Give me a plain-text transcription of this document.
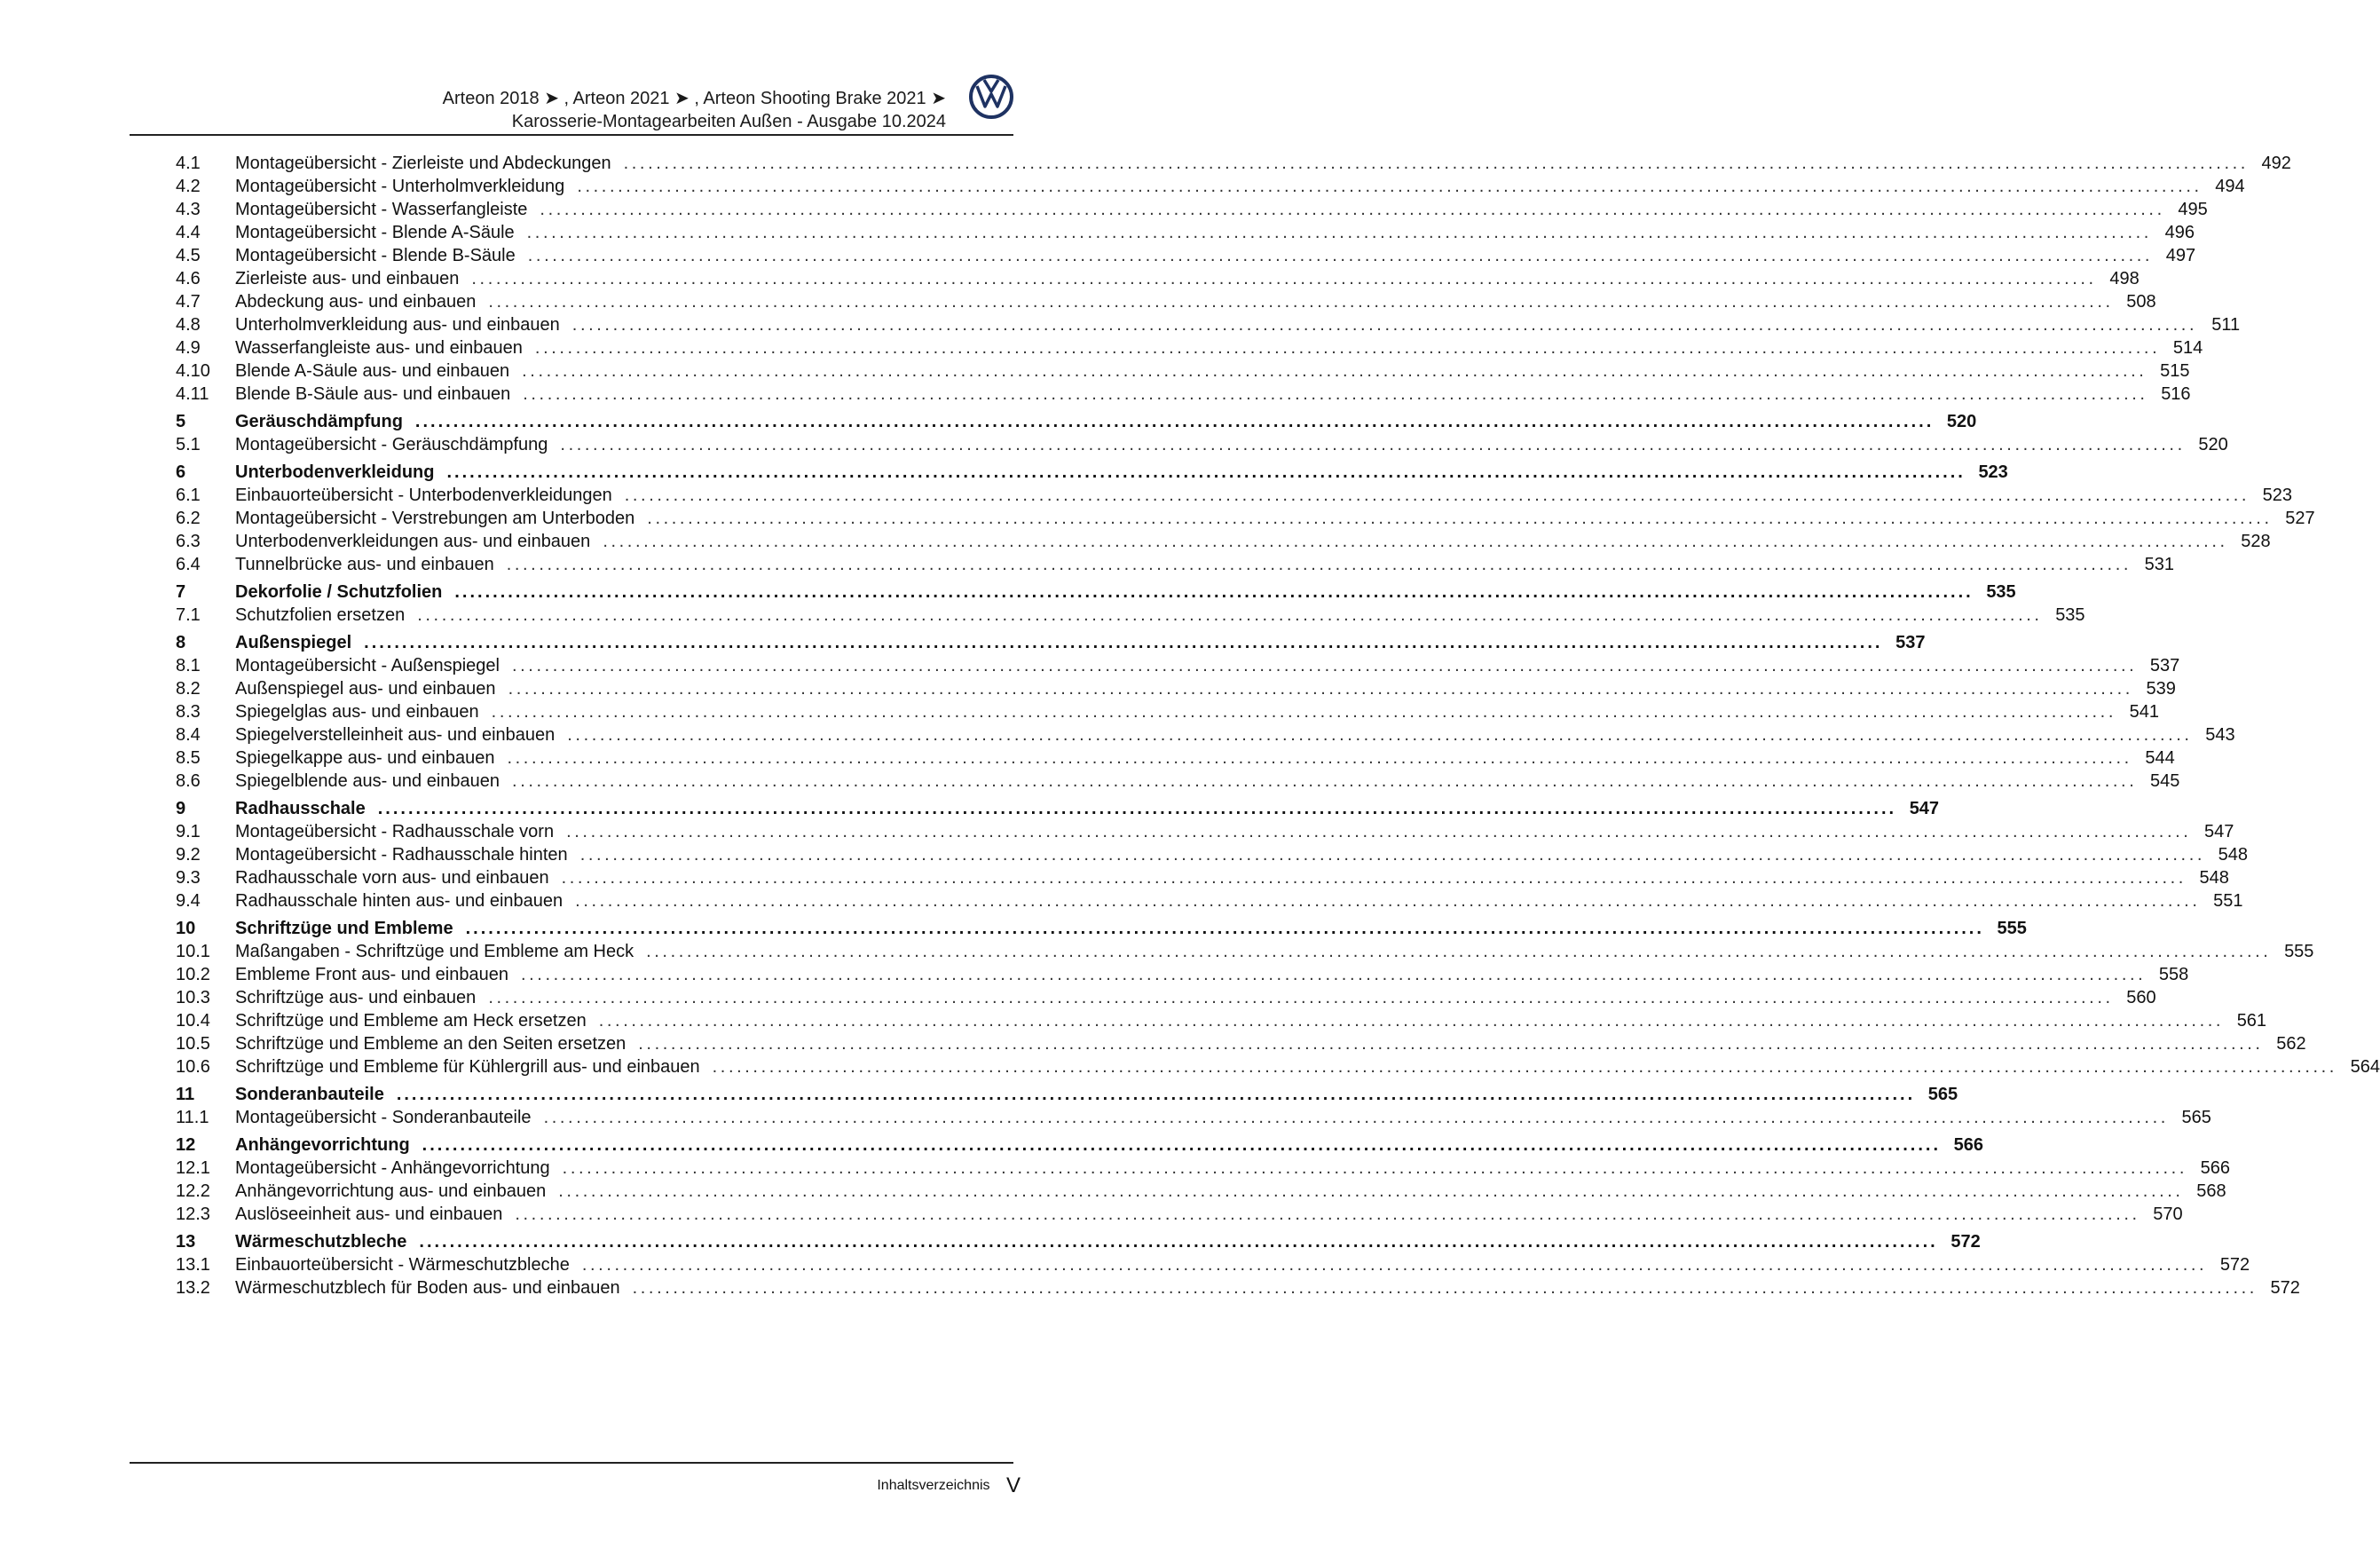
Arteon 2018 ➤ , Arteon 2021 ➤ , Arteon Shooting Brake 2021 ➤
Karosserie-Montagearbeiten Außen - Ausgabe 10.2024
4.1	Montageübersicht - Zierleiste und Abdeckungen ........................................................................................................................................................................................................ 492
4.2	Montageübersicht - Unterholmverkleidung ........................................................................................................................................................................................................ 494
4.3	Montageübersicht - Wasserfangleiste ........................................................................................................................................................................................................ 495
4.4	Montageübersicht - Blende A-Säule ........................................................................................................................................................................................................ 496
4.5	Montageübersicht - Blende B-Säule ........................................................................................................................................................................................................ 497
4.6	Zierleiste aus- und einbauen ........................................................................................................................................................................................................ 498
4.7	Abdeckung aus- und einbauen ........................................................................................................................................................................................................ 508
4.8	Unterholmverkleidung aus- und einbauen ........................................................................................................................................................................................................ 511
4.9	Wasserfangleiste aus- und einbauen ........................................................................................................................................................................................................ 514
4.10	Blende A-Säule aus- und einbauen ........................................................................................................................................................................................................ 515
4.11	Blende B-Säule aus- und einbauen ........................................................................................................................................................................................................ 516
5	Geräuschdämpfung ........................................................................................................................................................................................................ 520
5.1	Montageübersicht - Geräuschdämpfung ........................................................................................................................................................................................................ 520
6	Unterbodenverkleidung ........................................................................................................................................................................................................ 523
6.1	Einbauorteübersicht - Unterbodenverkleidungen ........................................................................................................................................................................................................ 523
6.2	Montageübersicht - Verstrebungen am Unterboden ........................................................................................................................................................................................................ 527
6.3	Unterbodenverkleidungen aus- und einbauen ........................................................................................................................................................................................................ 528
6.4	Tunnelbrücke aus- und einbauen ........................................................................................................................................................................................................ 531
7	Dekorfolie / Schutzfolien ........................................................................................................................................................................................................ 535
7.1	Schutzfolien ersetzen ........................................................................................................................................................................................................ 535
8	Außenspiegel ........................................................................................................................................................................................................ 537
8.1	Montageübersicht - Außenspiegel ........................................................................................................................................................................................................ 537
8.2	Außenspiegel aus- und einbauen ........................................................................................................................................................................................................ 539
8.3	Spiegelglas aus- und einbauen ........................................................................................................................................................................................................ 541
8.4	Spiegelverstelleinheit aus- und einbauen ........................................................................................................................................................................................................ 543
8.5	Spiegelkappe aus- und einbauen ........................................................................................................................................................................................................ 544
8.6	Spiegelblende aus- und einbauen ........................................................................................................................................................................................................ 545
9	Radhausschale ........................................................................................................................................................................................................ 547
9.1	Montageübersicht - Radhausschale vorn ........................................................................................................................................................................................................ 547
9.2	Montageübersicht - Radhausschale hinten ........................................................................................................................................................................................................ 548
9.3	Radhausschale vorn aus- und einbauen ........................................................................................................................................................................................................ 548
9.4	Radhausschale hinten aus- und einbauen ........................................................................................................................................................................................................ 551
10	Schriftzüge und Embleme ........................................................................................................................................................................................................ 555
10.1	Maßangaben - Schriftzüge und Embleme am Heck ........................................................................................................................................................................................................ 555
10.2	Embleme Front aus- und einbauen ........................................................................................................................................................................................................ 558
10.3	Schriftzüge aus- und einbauen ........................................................................................................................................................................................................ 560
10.4	Schriftzüge und Embleme am Heck ersetzen ........................................................................................................................................................................................................ 561
10.5	Schriftzüge und Embleme an den Seiten ersetzen ........................................................................................................................................................................................................ 562
10.6	Schriftzüge und Embleme für Kühlergrill aus- und einbauen ........................................................................................................................................................................................................ 564
11	Sonderanbauteile ........................................................................................................................................................................................................ 565
11.1	Montageübersicht - Sonderanbauteile ........................................................................................................................................................................................................ 565
12	Anhängevorrichtung ........................................................................................................................................................................................................ 566
12.1	Montageübersicht - Anhängevorrichtung ........................................................................................................................................................................................................ 566
12.2	Anhängevorrichtung aus- und einbauen ........................................................................................................................................................................................................ 568
12.3	Auslöseeinheit aus- und einbauen ........................................................................................................................................................................................................ 570
13	Wärmeschutzbleche ........................................................................................................................................................................................................ 572
13.1	Einbauorteübersicht - Wärmeschutzbleche ........................................................................................................................................................................................................ 572
13.2	Wärmeschutzblech für Boden aus- und einbauen ........................................................................................................................................................................................................ 572
Inhaltsverzeichnis V
